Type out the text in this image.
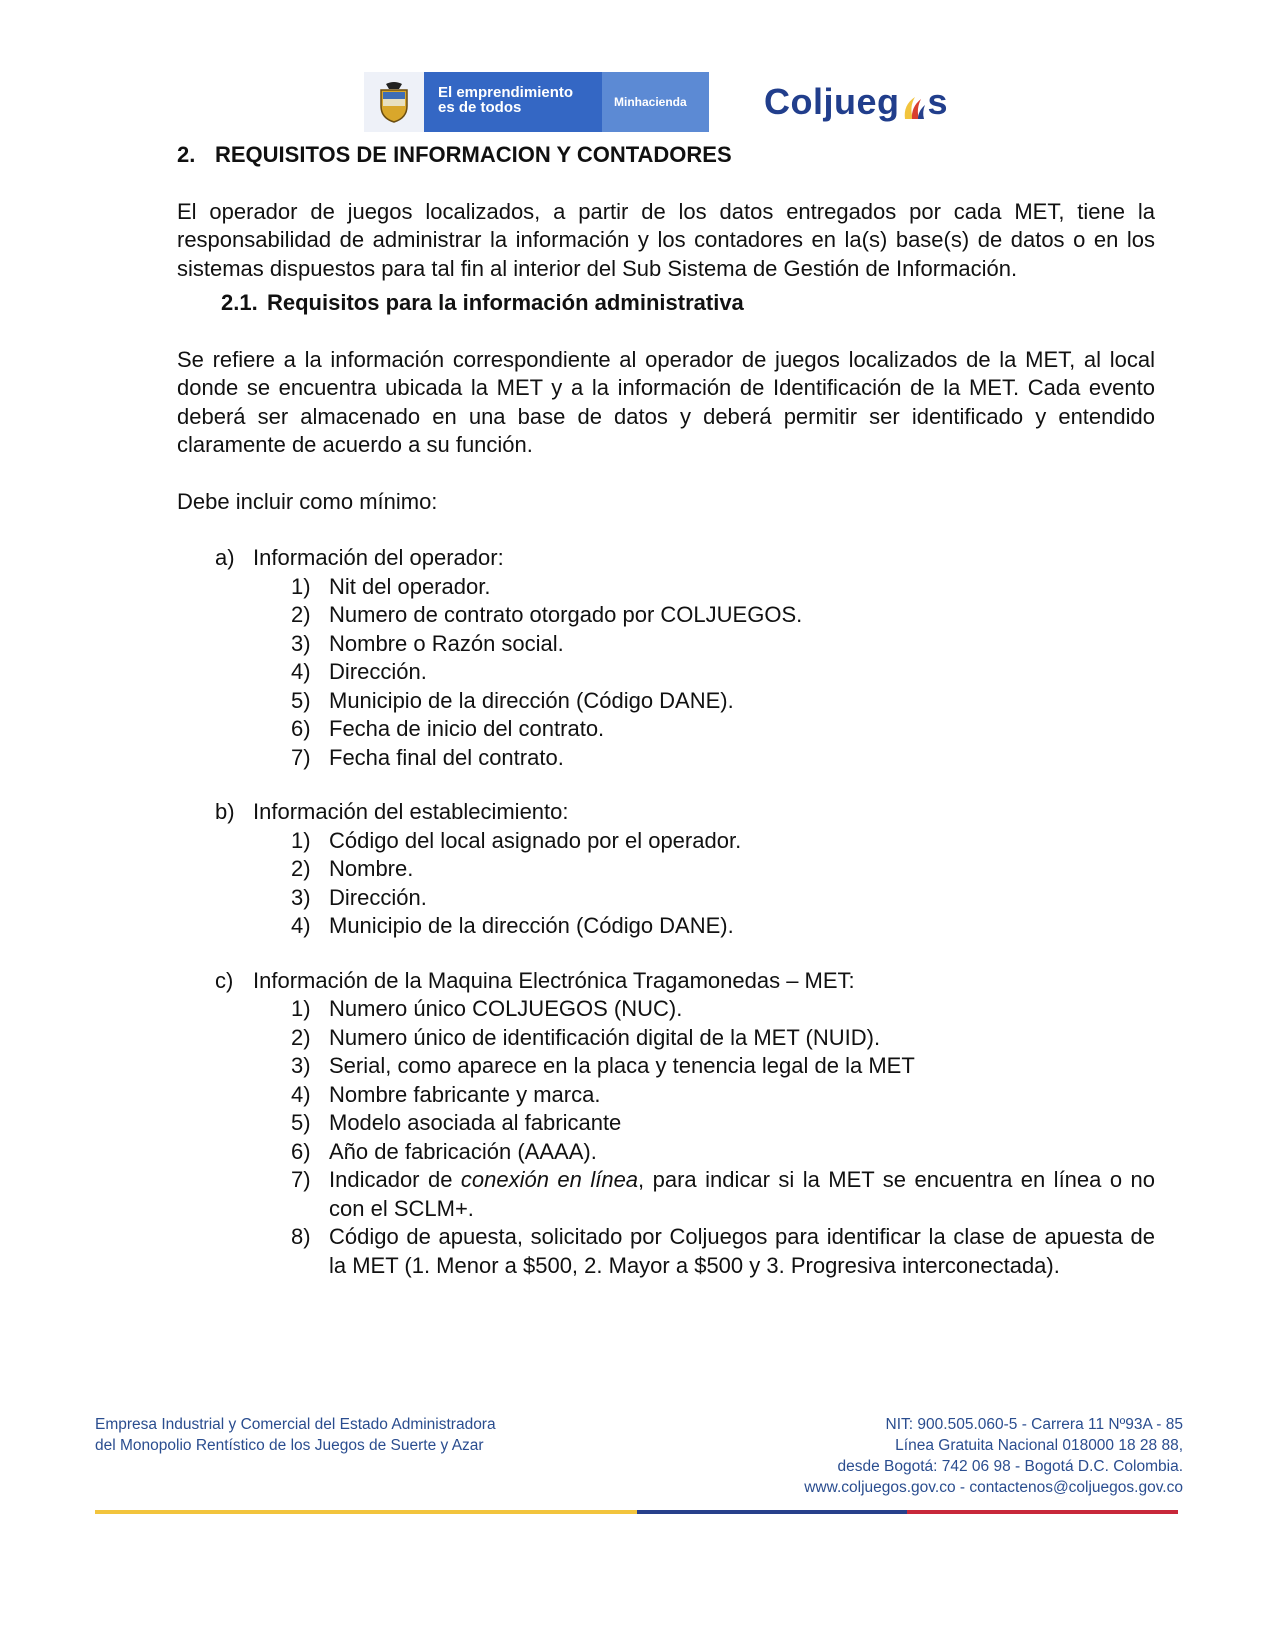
El emprendimiento
es de todos	Minhacienda	Coljueg s

2. REQUISITOS DE INFORMACION Y CONTADORES

El operador de juegos localizados, a partir de los datos entregados por cada MET, tiene la responsabilidad de administrar la información y los contadores en la(s) base(s) de datos o en los sistemas dispuestos para tal fin al interior del Sub Sistema de Gestión de Información.

2.1. Requisitos para la información administrativa

Se refiere a la información correspondiente al operador de juegos localizados de la MET, al local donde se encuentra ubicada la MET y a la información de Identificación de la MET. Cada evento deberá ser almacenado en una base de datos y deberá permitir ser identificado y entendido claramente de acuerdo a su función.

Debe incluir como mínimo:

a) Información del operador:
1) Nit del operador.
2) Numero de contrato otorgado por COLJUEGOS.
3) Nombre o Razón social.
4) Dirección.
5) Municipio de la dirección (Código DANE).
6) Fecha de inicio del contrato.
7) Fecha final del contrato.
b) Información del establecimiento:
1) Código del local asignado por el operador.
2) Nombre.
3) Dirección.
4) Municipio de la dirección (Código DANE).
c) Información de la Maquina Electrónica Tragamonedas – MET:
1) Numero único COLJUEGOS (NUC).
2) Numero único de identificación digital de la MET (NUID).
3) Serial, como aparece en la placa y tenencia legal de la MET
4) Nombre fabricante y marca.
5) Modelo asociada al fabricante
6) Año de fabricación (AAAA).
7) Indicador de conexión en línea, para indicar si la MET se encuentra en línea o no con el SCLM+.
8) Código de apuesta, solicitado por Coljuegos para identificar la clase de apuesta de la MET (1. Menor a $500, 2. Mayor a $500 y 3. Progresiva interconectada).
Empresa Industrial y Comercial del Estado Administradora
del Monopolio Rentístico de los Juegos de Suerte y Azar
NIT: 900.505.060-5 - Carrera 11 Nº93A - 85
Línea Gratuita Nacional 018000 18 28 88,
desde Bogotá: 742 06 98 - Bogotá D.C. Colombia.
www.coljuegos.gov.co - contactenos@coljuegos.gov.co
